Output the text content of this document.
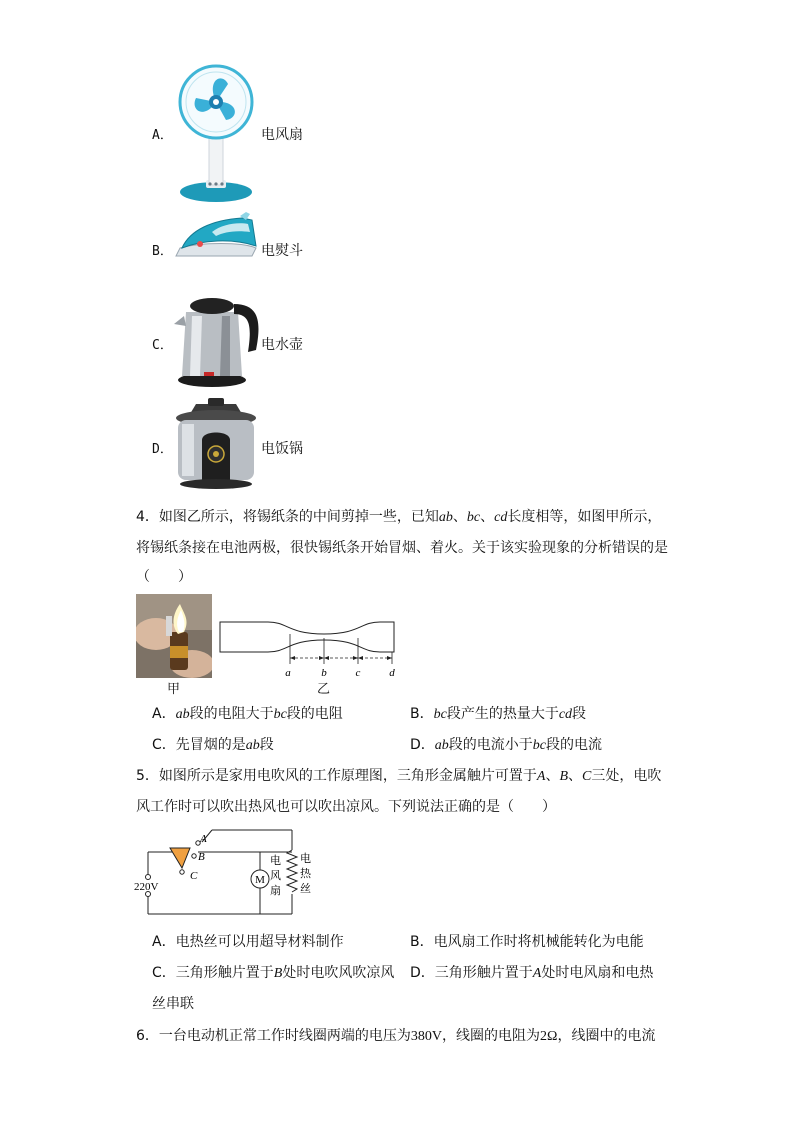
A．	电风扇
B．	电熨斗
C．	电水壶
D．	电饭锅
4．如图乙所示，将锡纸条的中间剪掉一些，已知ab、bc、cd长度相等，如图甲所示，
将锡纸条接在电池两极，很快锡纸条开始冒烟、着火。关于该实验现象的分析错误的是
（　　）
甲
a	b	c	d
乙
A．ab段的电阻大于bc段的电阻	B．bc段产生的热量大于cd段
C．先冒烟的是ab段	D．ab段的电流小于bc段的电流
5．如图所示是家用电吹风的工作原理图，三角形金属触片可置于A、B、C三处，电吹
风工作时可以吹出热风也可以吹出凉风。下列说法正确的是（　　）
M
A
B
C
220V
电
风
扇
电
热
丝
A．电热丝可以用超导材料制作	B．电风扇工作时将机械能转化为电能
C．三角形触片置于B处时电吹风吹凉风 D．三角形触片置于A处时电风扇和电热
丝串联
6．一台电动机正常工作时线圈两端的电压为380V，线圈的电阻为2Ω，线圈中的电流
